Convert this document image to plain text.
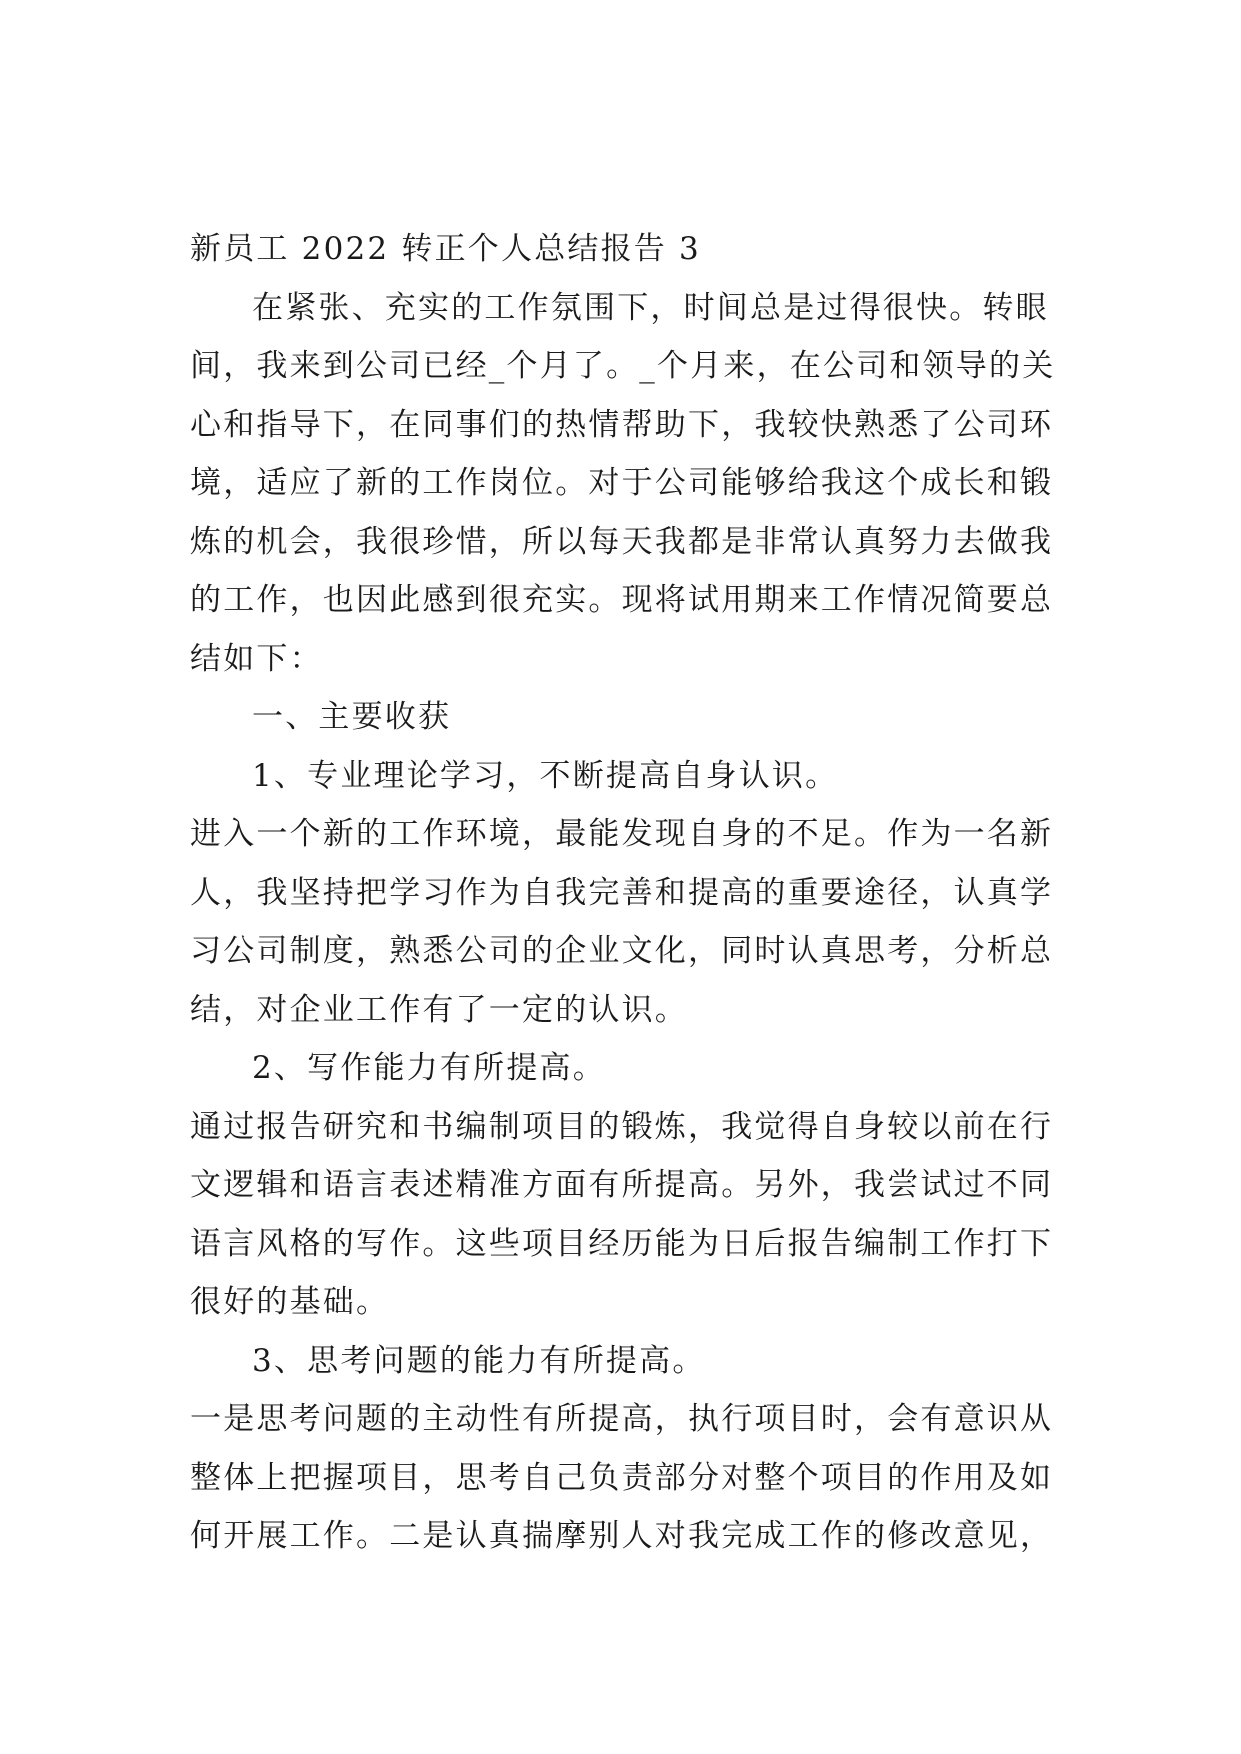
新员工 2022 转正个人总结报告 3
在紧张、充实的工作氛围下，时间总是过得很快。转眼
间，我来到公司已经_个月了。_个月来，在公司和领导的关
心和指导下，在同事们的热情帮助下，我较快熟悉了公司环
境，适应了新的工作岗位。对于公司能够给我这个成长和锻
炼的机会，我很珍惜，所以每天我都是非常认真努力去做我
的工作，也因此感到很充实。现将试用期来工作情况简要总
结如下：
一、主要收获
1、专业理论学习，不断提高自身认识。
进入一个新的工作环境，最能发现自身的不足。作为一名新
人，我坚持把学习作为自我完善和提高的重要途径，认真学
习公司制度，熟悉公司的企业文化，同时认真思考，分析总
结，对企业工作有了一定的认识。
2、写作能力有所提高。
通过报告研究和书编制项目的锻炼，我觉得自身较以前在行
文逻辑和语言表述精准方面有所提高。另外，我尝试过不同
语言风格的写作。这些项目经历能为日后报告编制工作打下
很好的基础。
3、思考问题的能力有所提高。
一是思考问题的主动性有所提高，执行项目时，会有意识从
整体上把握项目，思考自己负责部分对整个项目的作用及如
何开展工作。二是认真揣摩别人对我完成工作的修改意见，
